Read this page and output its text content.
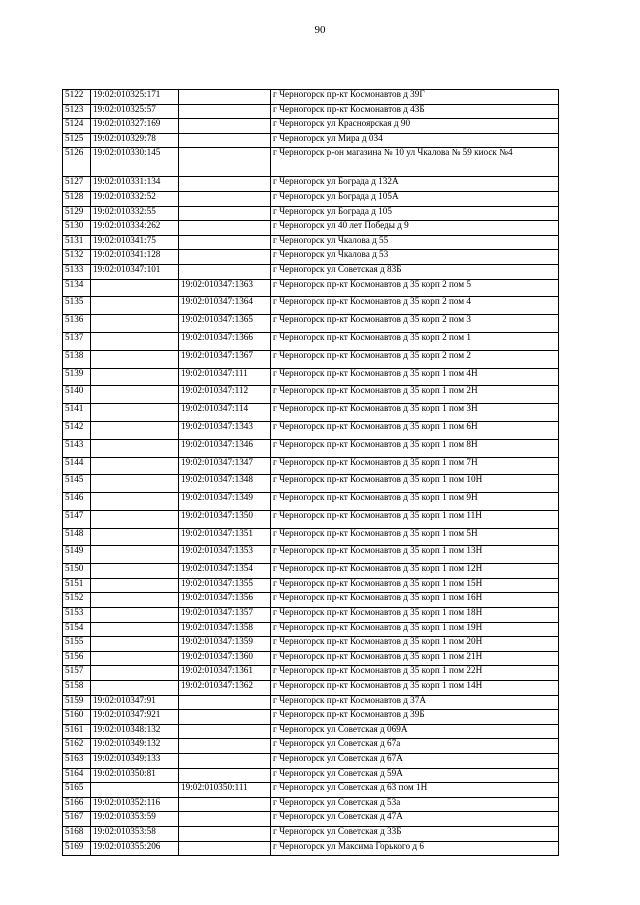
90
5122	19:02:010325:171		г Черногорск пр-кт Космонавтов д 39Г
5123	19:02:010325:57		г Черногорск пр-кт Космонавтов д 43Б
5124	19:02:010327:169		г Черногорск ул Красноярская д 90
5125	19:02:010329:78		г Черногорск ул Мира д 034
5126	19:02:010330:145		г Черногорск р-он магазина № 10 ул Чкалова № 59 киоск №4
5127	19:02:010331:134		г Черногорск ул Бограда д 132А
5128	19:02:010332:52		г Черногорск ул Бограда д 105А
5129	19:02:010332:55		г Черногорск ул Бограда д 105
5130	19:02:010334:262		г Черногорск ул 40 лет Победы д 9
5131	19:02:010341:75		г Черногорск ул Чкалова д 55
5132	19:02:010341:128		г Черногорск ул Чкалова д 53
5133	19:02:010347:101		г Черногорск ул Советская д 83Б
5134		19:02:010347:1363	г Черногорск пр-кт Космонавтов д 35 корп 2 пом 5
5135		19:02:010347:1364	г Черногорск пр-кт Космонавтов д 35 корп 2 пом 4
5136		19:02:010347:1365	г Черногорск пр-кт Космонавтов д 35 корп 2 пом 3
5137		19:02:010347:1366	г Черногорск пр-кт Космонавтов д 35 корп 2 пом 1
5138		19:02:010347:1367	г Черногорск пр-кт Космонавтов д 35 корп 2 пом 2
5139		19:02:010347:111	г Черногорск пр-кт Космонавтов д 35 корп 1 пом 4Н
5140		19:02:010347:112	г Черногорск пр-кт Космонавтов д 35 корп 1 пом 2Н
5141		19:02:010347:114	г Черногорск пр-кт Космонавтов д 35 корп 1 пом 3Н
5142		19:02:010347:1343	г Черногорск пр-кт Космонавтов д 35 корп 1 пом 6Н
5143		19:02:010347:1346	г Черногорск пр-кт Космонавтов д 35 корп 1 пом 8Н
5144		19:02:010347:1347	г Черногорск пр-кт Космонавтов д 35 корп 1 пом 7Н
5145		19:02:010347:1348	г Черногорск пр-кт Космонавтов д 35 корп 1 пом 10Н
5146		19:02:010347:1349	г Черногорск пр-кт Космонавтов д 35 корп 1 пом 9Н
5147		19:02:010347:1350	г Черногорск пр-кт Космонавтов д 35 корп 1 пом 11Н
5148		19:02:010347:1351	г Черногорск пр-кт Космонавтов д 35 корп 1 пом 5Н
5149		19:02:010347:1353	г Черногорск пр-кт Космонавтов д 35 корп 1 пом 13Н
5150		19:02:010347:1354	г Черногорск пр-кт Космонавтов д 35 корп 1 пом 12Н
5151		19:02:010347:1355	г Черногорск пр-кт Космонавтов д 35 корп 1 пом 15Н
5152		19:02:010347:1356	г Черногорск пр-кт Космонавтов д 35 корп 1 пом 16Н
5153		19:02:010347:1357	г Черногорск пр-кт Космонавтов д 35 корп 1 пом 18Н
5154		19:02:010347:1358	г Черногорск пр-кт Космонавтов д 35 корп 1 пом 19Н
5155		19:02:010347:1359	г Черногорск пр-кт Космонавтов д 35 корп 1 пом 20Н
5156		19:02:010347:1360	г Черногорск пр-кт Космонавтов д 35 корп 1 пом 21Н
5157		19:02:010347:1361	г Черногорск пр-кт Космонавтов д 35 корп 1 пом 22Н
5158		19:02:010347:1362	г Черногорск пр-кт Космонавтов д 35 корп 1 пом 14Н
5159	19:02:010347:91		г Черногорск пр-кт Космонавтов д 37А
5160	19:02:010347:921		г Черногорск пр-кт Космонавтов д 39Б
5161	19:02:010348:132		г Черногорск ул Советская д 069А
5162	19:02:010349:132		г Черногорск ул Советская д 67а
5163	19:02:010349:133		г Черногорск ул Советская д 67А
5164	19:02:010350:81		г Черногорск ул Советская д 59А
5165		19:02:010350:111	г Черногорск ул Советская д 63 пом 1Н
5166	19:02:010352:116		г Черногорск ул Советская д 53а
5167	19:02:010353:59		г Черногорск ул Советская д 47А
5168	19:02:010353:58		г Черногорск ул Советская д 33Б
5169	19:02:010355:206		г Черногорск ул Максима Горького д 6
